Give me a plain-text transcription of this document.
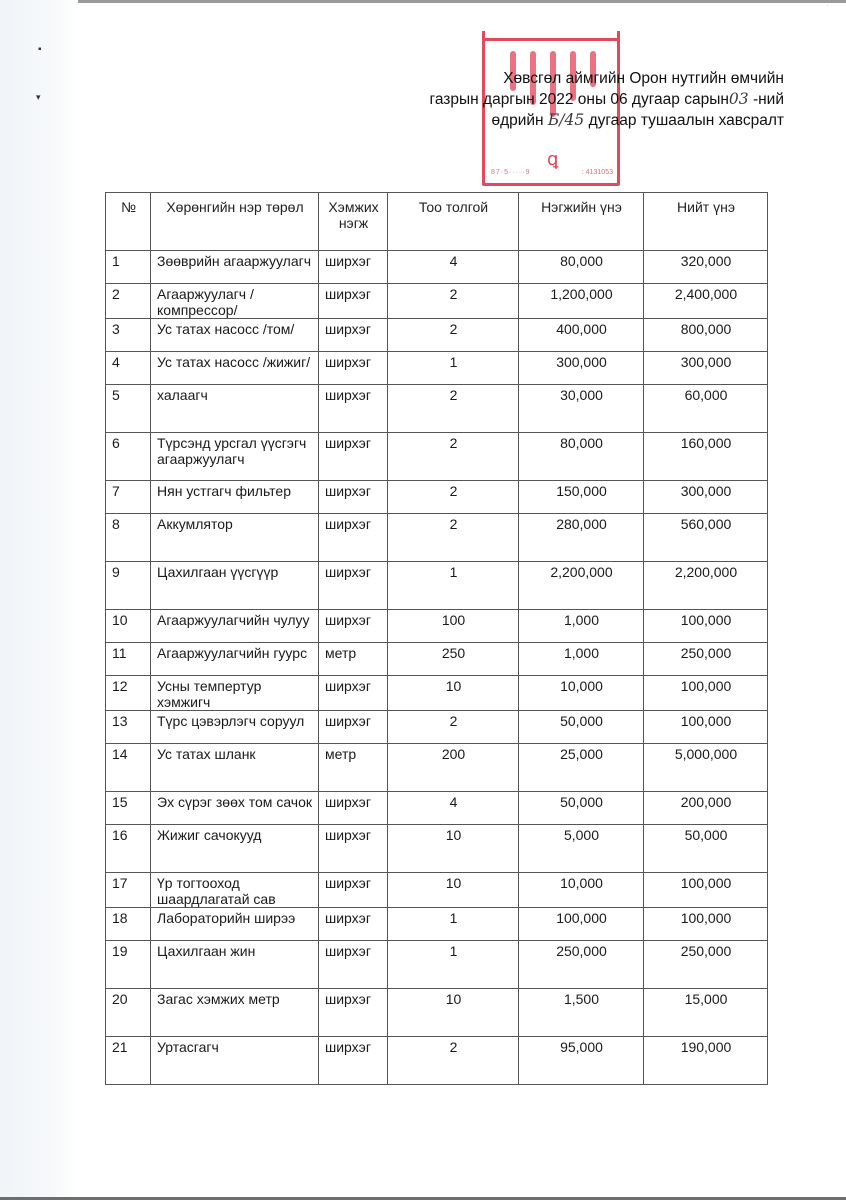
▪
▾
·
ꝗ
87·5·····9	: 4131053
Хөвсгөл аймгийн Орон нутгийн өмчийн
газрын даргын 2022 оны 06 дугаар сарын03 -ний
өдрийн Б/45 дугаар тушаалын хавсралт
№	Хөрөнгийн нэр төрөл	Хэмжих нэгж	Тоо толгой	Нэгжийн үнэ	Нийт үнэ
1	Зөөврийн агааржуулагч	ширхэг	4	80,000	320,000
2	Агааржуулагч /компрессор/	ширхэг	2	1,200,000	2,400,000
3	Ус татах насосс /том/	ширхэг	2	400,000	800,000
4	Ус татах насосс /жижиг/	ширхэг	1	300,000	300,000
5	халаагч	ширхэг	2	30,000	60,000
6	Түрсэнд урсгал үүсгэгч агааржуулагч	ширхэг	2	80,000	160,000
7	Нян устгагч фильтер	ширхэг	2	150,000	300,000
8	Аккумлятор	ширхэг	2	280,000	560,000
9	Цахилгаан үүсгүүр	ширхэг	1	2,200,000	2,200,000
10	Агааржуулагчийн чулуу	ширхэг	100	1,000	100,000
11	Агааржуулагчийн гуурс	метр	250	1,000	250,000
12	Усны темпертур хэмжигч	ширхэг	10	10,000	100,000
13	Түрс цэвэрлэгч соруул	ширхэг	2	50,000	100,000
14	Ус татах шланк	метр	200	25,000	5,000,000
15	Эх сүрэг зөөх том сачок	ширхэг	4	50,000	200,000
16	Жижиг сачокууд	ширхэг	10	5,000	50,000
17	Үр тогтооход шаардлагатай сав	ширхэг	10	10,000	100,000
18	Лабораторийн ширээ	ширхэг	1	100,000	100,000
19	Цахилгаан жин	ширхэг	1	250,000	250,000
20	Загас хэмжих метр	ширхэг	10	1,500	15,000
21	Уртасгагч	ширхэг	2	95,000	190,000
